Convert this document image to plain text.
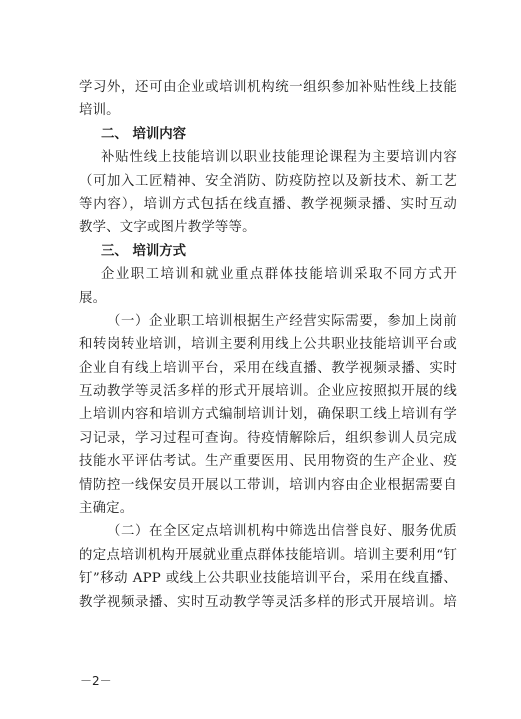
学习外，还可由企业或培训机构统一组织参加补贴性线上技能
培训。
二、 培训内容
补贴性线上技能培训以职业技能理论课程为主要培训内容
（可加入工匠精神、安全消防、防疫防控以及新技术、新工艺
等内容），培训方式包括在线直播、教学视频录播、实时互动
教学、文字或图片教学等等。
三、 培训方式
企业职工培训和就业重点群体技能培训采取不同方式开
展。
（一）企业职工培训根据生产经营实际需要，参加上岗前
和转岗转业培训，培训主要利用线上公共职业技能培训平台或
企业自有线上培训平台，采用在线直播、教学视频录播、实时
互动教学等灵活多样的形式开展培训。企业应按照拟开展的线
上培训内容和培训方式编制培训计划，确保职工线上培训有学
习记录，学习过程可查询。待疫情解除后，组织参训人员完成
技能水平评估考试。生产重要医用、民用物资的生产企业、疫
情防控一线保安员开展以工带训，培训内容由企业根据需要自
主确定。
（二）在全区定点培训机构中筛选出信誉良好、服务优质
的定点培训机构开展就业重点群体技能培训。培训主要利用“钉
钉”移动 APP 或线上公共职业技能培训平台，采用在线直播、
教学视频录播、实时互动教学等灵活多样的形式开展培训。培
－2－
